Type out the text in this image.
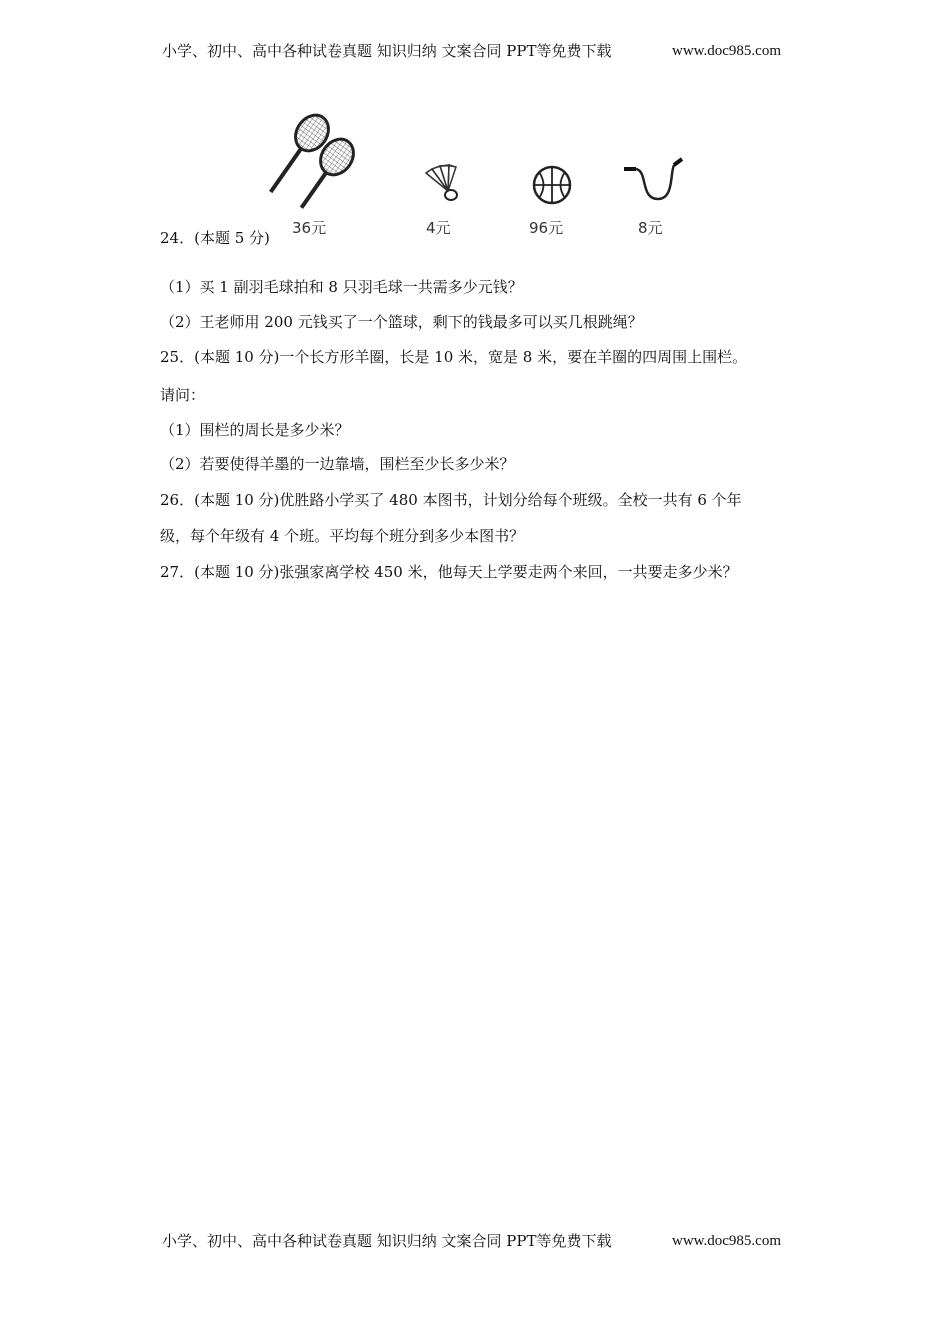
小学、初中、高中各种试卷真题 知识归纳 文案合同 PPT等免费下载	www.doc985.com
36元	4元	96元	8元
24．(本题 5 分)
（1）买 1 副羽毛球拍和 8 只羽毛球一共需多少元钱？
（2）王老师用 200 元钱买了一个篮球，剩下的钱最多可以买几根跳绳？
25．(本题 10 分)一个长方形羊圈，长是 10 米，宽是 8 米，要在羊圈的四周围上围栏。
请问：
（1）围栏的周长是多少米？
（2）若要使得羊墨的一边靠墙，围栏至少长多少米？
26．(本题 10 分)优胜路小学买了 480 本图书，计划分给每个班级。全校一共有 6 个年
级，每个年级有 4 个班。平均每个班分到多少本图书？
27．(本题 10 分)张强家离学校 450 米，他每天上学要走两个来回，一共要走多少米？
小学、初中、高中各种试卷真题 知识归纳 文案合同 PPT等免费下载	www.doc985.com
